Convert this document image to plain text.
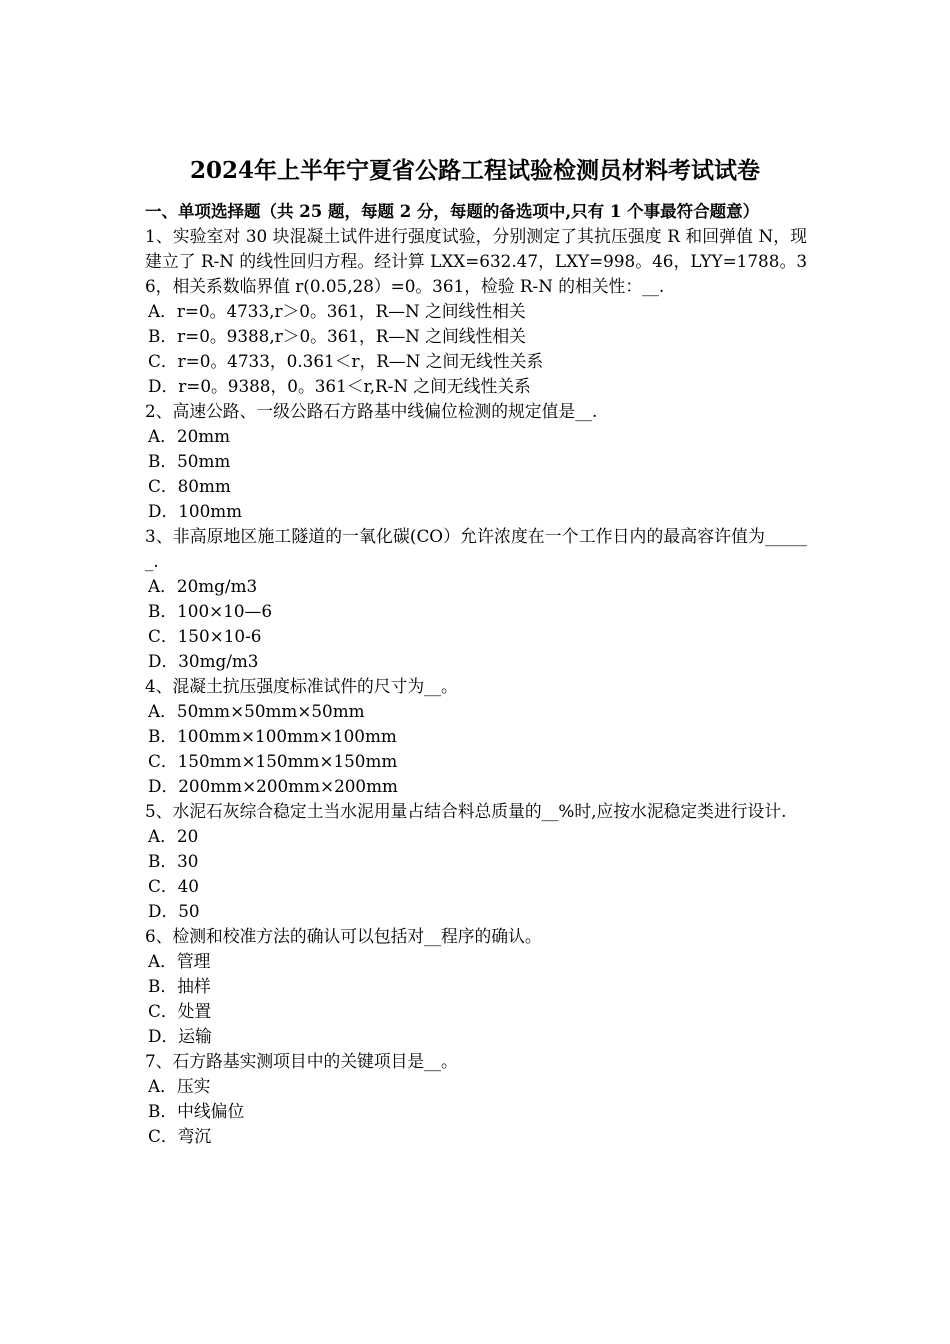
2024年上半年宁夏省公路工程试验检测员材料考试试卷
一、单项选择题（共 25 题，每题 2 分，每题的备选项中,只有 1 个事最符合题意）
1、实验室对 30 块混凝土试件进行强度试验，分别测定了其抗压强度 R 和回弹值 N，现建立了 R-N 的线性回归方程。经计算 LXX=632.47，LXY=998。46，LYY=1788。36，相关系数临界值 r(0.05,28）=0。361，检验 R-N 的相关性：__.
A．r=0。4733,r＞0。361，R—N 之间线性相关
B．r=0。9388,r＞0。361，R—N 之间线性相关
C．r=0。4733，0.361＜r，R—N 之间无线性关系
D．r=0。9388，0。361＜r,R-N 之间无线性关系
2、高速公路、一级公路石方路基中线偏位检测的规定值是__.
A．20mm
B．50mm
C．80mm
D．100mm
3、非高原地区施工隧道的一氧化碳(CO）允许浓度在一个工作日内的最高容许值为______.
A．20mg/m3
B．100×10—6
C．150×10-6
D．30mg/m3
4、混凝土抗压强度标准试件的尺寸为__。
A．50mm×50mm×50mm
B．100mm×100mm×100mm
C．150mm×150mm×150mm
D．200mm×200mm×200mm
5、水泥石灰综合稳定土当水泥用量占结合料总质量的__%时,应按水泥稳定类进行设计.
A．20
B．30
C．40
D．50
6、检测和校准方法的确认可以包括对__程序的确认。
A．管理
B．抽样
C．处置
D．运输
7、石方路基实测项目中的关键项目是__。
A．压实
B．中线偏位
C．弯沉
